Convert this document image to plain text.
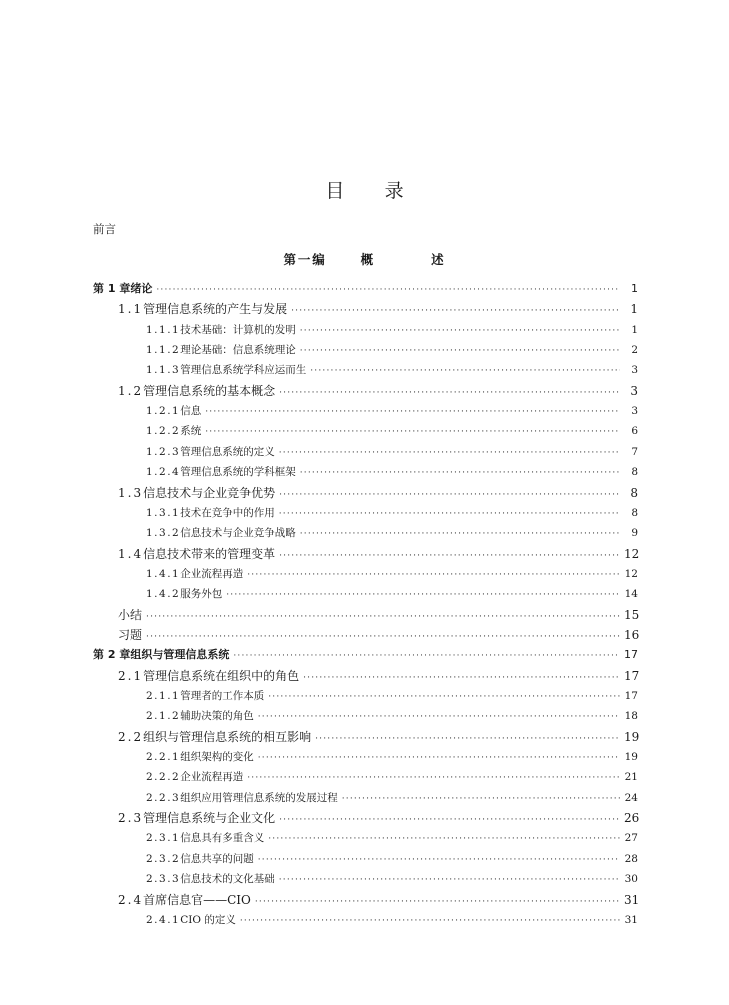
目 录
前言
第一编	概	述
第 1 章 绪论 ·····	1
1.1 管理信息系统的产生与发展 ·····	1
1.1.1 技术基础：计算机的发明 ·····	1
1.1.2 理论基础：信息系统理论 ·····	2
1.1.3 管理信息系统学科应运而生 ·····	3
1.2 管理信息系统的基本概念 ·····	3
1.2.1 信息 ·····	3
1.2.2 系统 ·····	6
1.2.3 管理信息系统的定义 ·····	7
1.2.4 管理信息系统的学科框架 ·····	8
1.3 信息技术与企业竞争优势 ·····	8
1.3.1 技术在竞争中的作用 ·····	8
1.3.2 信息技术与企业竞争战略 ·····	9
1.4 信息技术带来的管理变革 ·····	12
1.4.1 企业流程再造 ·····	12
1.4.2 服务外包 ·····	14
小结 ·····	15
习题 ·····	16
第 2 章 组织与管理信息系统 ·····	17
2.1 管理信息系统在组织中的角色 ·····	17
2.1.1 管理者的工作本质 ·····	17
2.1.2 辅助决策的角色 ·····	18
2.2 组织与管理信息系统的相互影响 ·····	19
2.2.1 组织架构的变化 ·····	19
2.2.2 企业流程再造 ·····	21
2.2.3 组织应用管理信息系统的发展过程 ·····	24
2.3 管理信息系统与企业文化 ·····	26
2.3.1 信息具有多重含义 ·····	27
2.3.2 信息共享的问题 ·····	28
2.3.3 信息技术的文化基础 ·····	30
2.4 首席信息官——CIO ·····	31
2.4.1 CIO 的定义 ·····	31
